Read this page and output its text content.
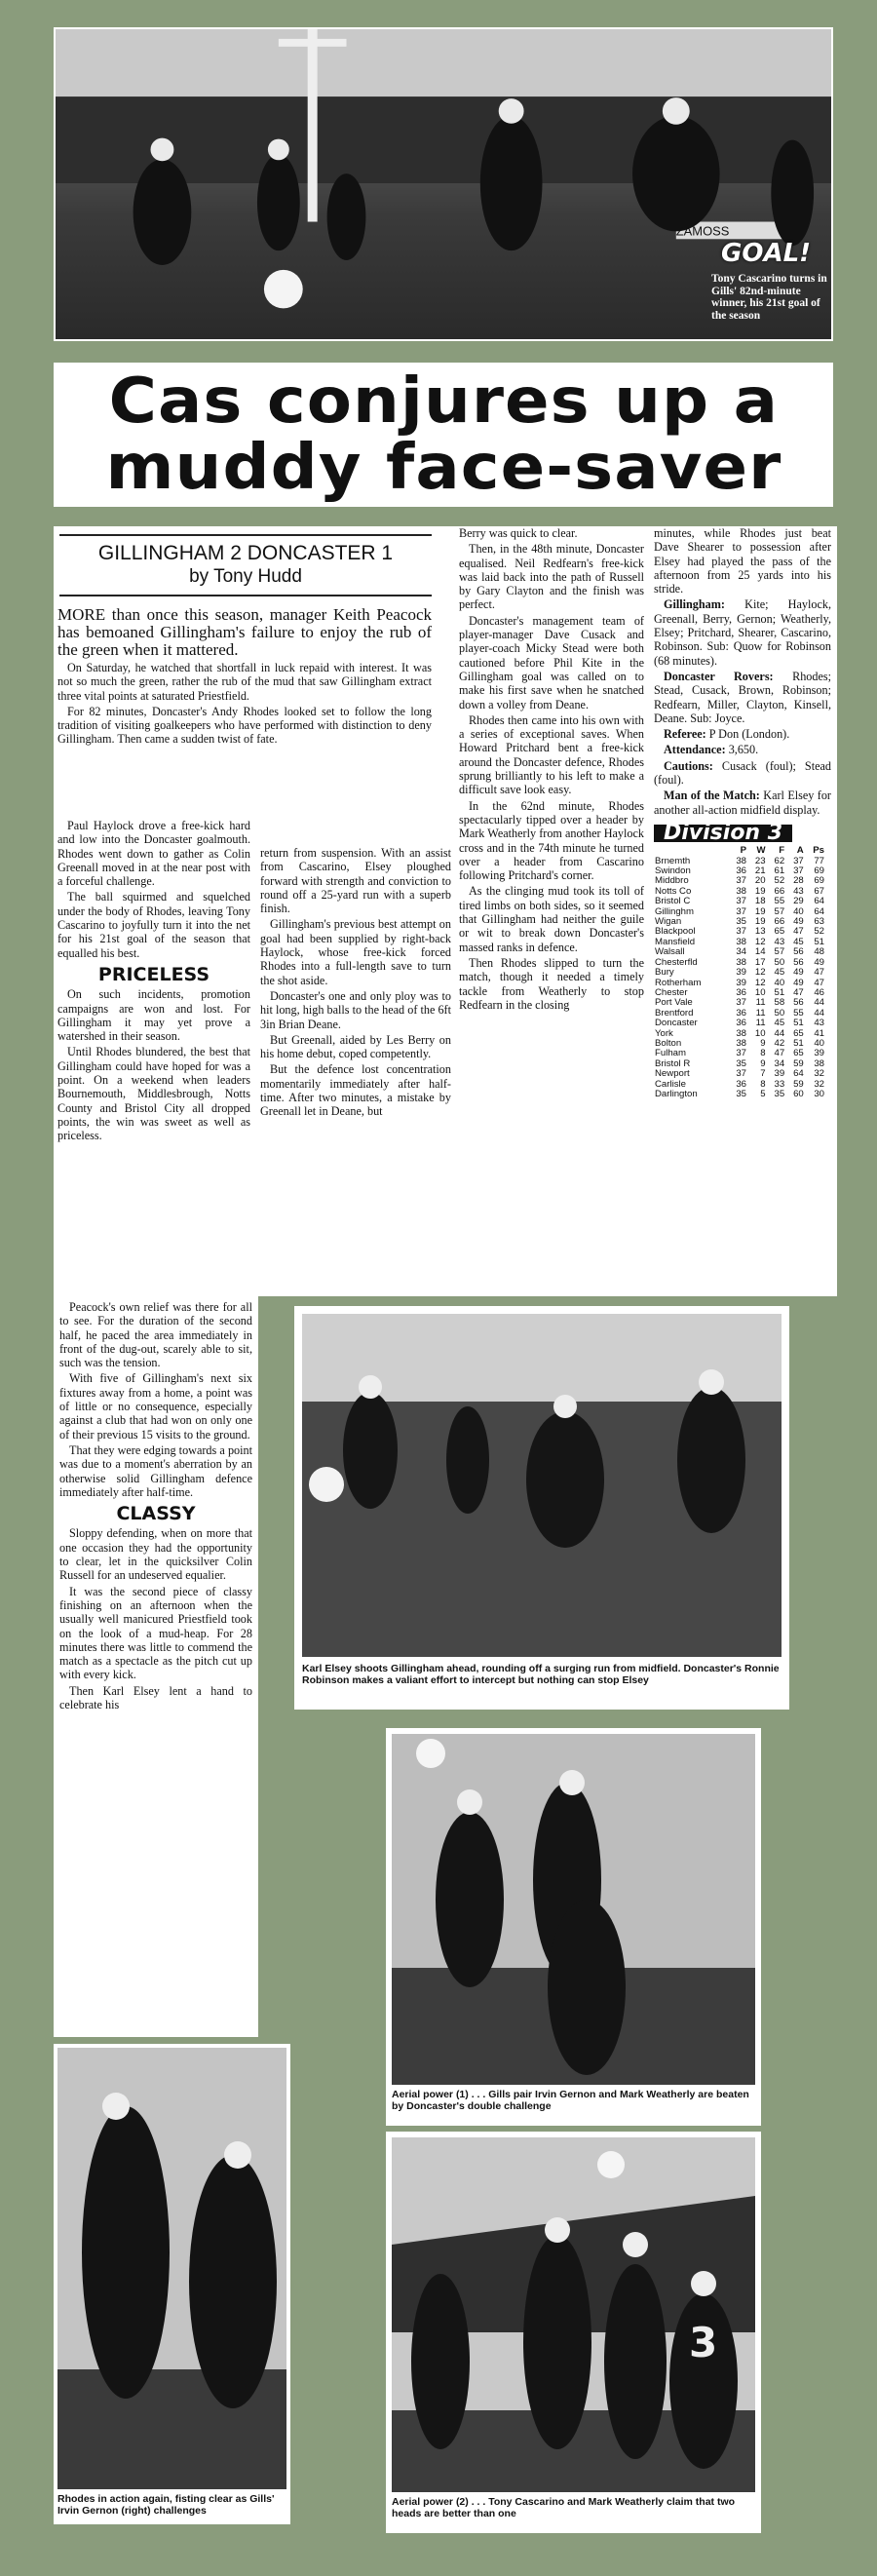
ZAMOSS
GOAL!
Tony Cascarino turns in Gills' 82nd-minute winner, his 21st goal of the season
Cas conjures up a
muddy face-saver
GILLINGHAM 2 DONCASTER 1
by Tony Hudd

MORE than once this season, manager Keith Peacock has bemoaned Gillingham's failure to enjoy the rub of the green when it mattered.

On Saturday, he watched that shortfall in luck repaid with interest. It was not so much the green, rather the rub of the mud that saw Gillingham extract three vital points at saturated Priestfield.

For 82 minutes, Doncaster's Andy Rhodes looked set to follow the long tradition of visiting goalkeepers who have performed with distinction to deny Gillingham. Then came a sudden twist of fate.

Paul Haylock drove a free-kick hard and low into the Doncaster goalmouth. Rhodes went down to gather as Colin Greenall moved in at the near post with a forceful challenge.

The ball squirmed and squelched under the body of Rhodes, leaving Tony Cascarino to joyfully turn it into the net for his 21st goal of the season that equalled his best.

PRICELESS

On such incidents, promotion campaigns are won and lost. For Gillingham it may yet prove a watershed in their season.

Until Rhodes blundered, the best that Gillingham could have hoped for was a point. On a weekend when leaders Bournemouth, Middlesbrough, Notts County and Bristol City all dropped points, the win was sweet as well as priceless.

return from suspension. With an assist from Cascarino, Elsey ploughed forward with strength and conviction to round off a 25-yard run with a superb finish.

Gillingham's previous best attempt on goal had been supplied by right-back Haylock, whose free-kick forced Rhodes into a full-length save to turn the shot aside.

Doncaster's one and only ploy was to hit long, high balls to the head of the 6ft 3in Brian Deane.

But Greenall, aided by Les Berry on his home debut, coped competently.

But the defence lost concentration momentarily immediately after half-time. After two minutes, a mistake by Greenall let in Deane, but

Berry was quick to clear.

Then, in the 48th minute, Doncaster equalised. Neil Redfearn's free-kick was laid back into the path of Russell by Gary Clayton and the finish was perfect.

Doncaster's management team of player-manager Dave Cusack and player-coach Micky Stead were both cautioned before Phil Kite in the Gillingham goal was called on to make his first save when he snatched down a volley from Deane.

Rhodes then came into his own with a series of exceptional saves. When Howard Pritchard bent a free-kick around the Doncaster defence, Rhodes sprung brilliantly to his left to make a difficult save look easy.

In the 62nd minute, Rhodes spectacularly tipped over a header by Mark Weatherly from another Haylock cross and in the 74th minute he turned over a header from Cascarino following Pritchard's corner.

As the clinging mud took its toll of tired limbs on both sides, so it seemed that Gillingham had neither the guile or wit to break down Doncaster's massed ranks in defence.

Then Rhodes slipped to turn the match, though it needed a timely tackle from Weatherly to stop Redfearn in the closing

minutes, while Rhodes just beat Dave Shearer to possession after Elsey had played the pass of the afternoon from 25 yards into his stride.

Gillingham: Kite; Haylock, Greenall, Berry, Gernon; Weatherly, Elsey; Pritchard, Shearer, Cascarino, Robinson. Sub: Quow for Robinson (68 minutes).

Doncaster Rovers: Rhodes; Stead, Cusack, Brown, Robinson; Redfearn, Miller, Clayton, Kinsell, Deane. Sub: Joyce.

Referee: P Don (London).

Attendance: 3,650.

Cautions: Cusack (foul); Stead (foul).

Man of the Match: Karl Elsey for another all-action midfield display.

Division 3
	P	W	F	A	Ps
Brnemth	38	23	62	37	77
Swindon	36	21	61	37	69
Middbro	37	20	52	28	69
Notts Co	38	19	66	43	67
Bristol C	37	18	55	29	64
Gillinghm	37	19	57	40	64
Wigan	35	19	66	49	63
Blackpool	37	13	65	47	52
Mansfield	38	12	43	45	51
Walsall	34	14	57	56	48
Chesterfld	38	17	50	56	49
Bury	39	12	45	49	47
Rotherham	39	12	40	49	47
Chester	36	10	51	47	46
Port Vale	37	11	58	56	44
Brentford	36	11	50	55	44
Doncaster	36	11	45	51	43
York	38	10	44	65	41
Bolton	38	9	42	51	40
Fulham	37	8	47	65	39
Bristol R	35	9	34	59	38
Newport	37	7	39	64	32
Carlisle	36	8	33	59	32
Darlington	35	5	35	60	30

Peacock's own relief was there for all to see. For the duration of the second half, he paced the area immediately in front of the dug-out, scarely able to sit, such was the tension.

With five of Gillingham's next six fixtures away from a home, a point was of little or no consequence, especially against a club that had won on only one of their previous 15 visits to the ground.

That they were edging towards a point was due to a moment's aberration by an otherwise solid Gillingham defence immediately after half-time.

CLASSY

Sloppy defending, when on more that one occasion they had the opportunity to clear, let in the quicksilver Colin Russell for an undeserved equalier.

It was the second piece of classy finishing on an afternoon when the usually well manicured Priestfield took on the look of a mud-heap. For 28 minutes there was little to commend the match as a spectacle as the pitch cut up with every kick.

Then Karl Elsey lent a hand to celebrate his

Karl Elsey shoots Gillingham ahead, rounding off a surging run from midfield. Doncaster's Ronnie Robinson makes a valiant effort to intercept but nothing can stop Elsey
Aerial power (1) . . . Gills pair Irvin Gernon and Mark Weatherly are beaten by Doncaster's double challenge
Rhodes in action again, fisting clear as Gills' Irvin Gernon (right) challenges
3
Aerial power (2) . . . Tony Cascarino and Mark Weatherly claim that two heads are better than one
